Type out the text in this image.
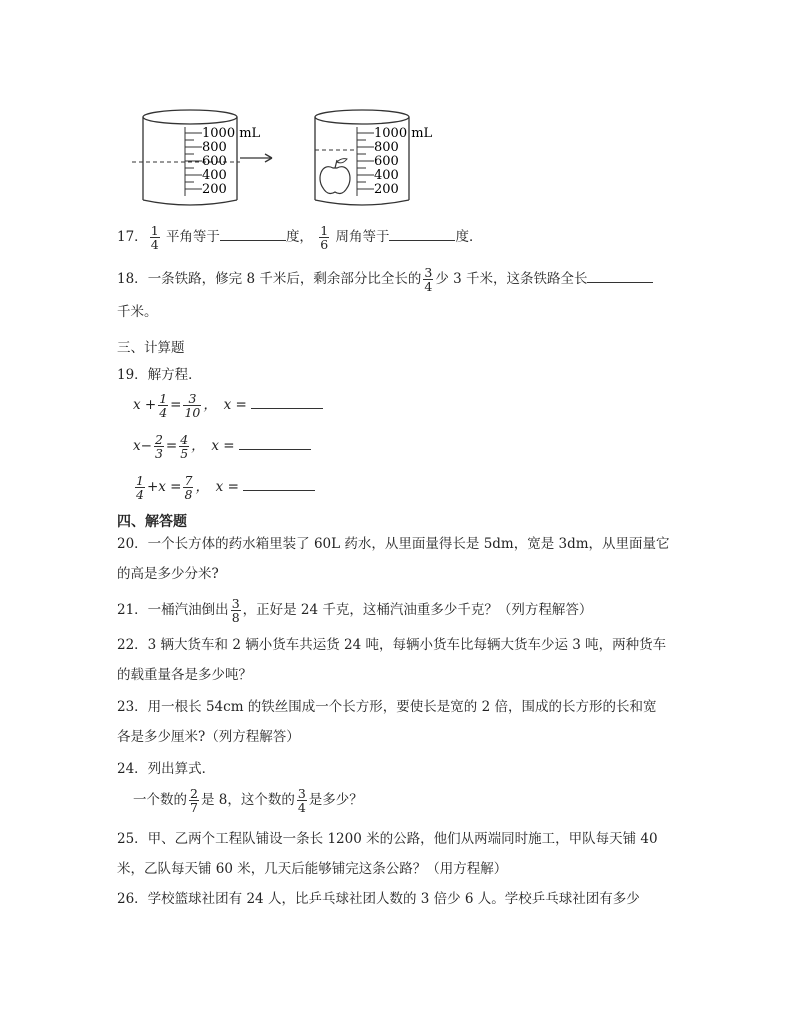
1000 mL
800
600
400
200
1000 mL
800
600
400
200
17． $\frac{1}{4}$ 平角等于	度， $\frac{1}{6}$ 周角等于	度．
18．一条铁路，修完 8 千米后，剩余部分比全长的 $\frac{3}{4}$ 少 3 千米，这条铁路全长
千米。
三、计算题
19．解方程．
$x + \frac{1}{4} = \frac{3}{10}$ ，　x =
$x- \frac{2}{3} = \frac{4}{5}$ ，　x =
$\frac{1}{4} +x = \frac{7}{8}$ ，　x =
四、解答题
20．一个长方体的药水箱里装了 60L 药水，从里面量得长是 5dm，宽是 3dm，从里面量它
的高是多少分米?
21．一桶汽油倒出 $\frac{3}{8}$ ，正好是 24 千克，这桶汽油重多少千克？（列方程解答）
22．3 辆大货车和 2 辆小货车共运货 24 吨，每辆小货车比每辆大货车少运 3 吨，两种货车
的载重量各是多少吨？
23．用一根长 54cm 的铁丝围成一个长方形，要使长是宽的 2 倍，围成的长方形的长和宽
各是多少厘米?（列方程解答）
24．列出算式．
一个数的 $\frac{2}{7}$ 是 8，这个数的 $\frac{3}{4}$ 是多少？
25．甲、乙两个工程队铺设一条长 1200 米的公路，他们从两端同时施工，甲队每天铺 40
米，乙队每天铺 60 米，几天后能够铺完这条公路？（用方程解）
26．学校篮球社团有 24 人，比乒乓球社团人数的 3 倍少 6 人。学校乒乓球社团有多少
